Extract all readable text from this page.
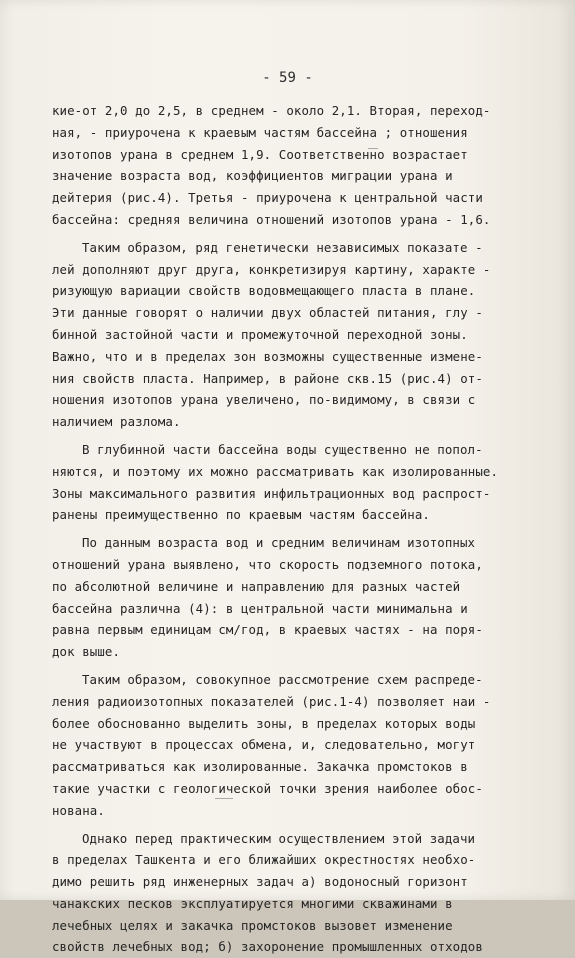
- 59 -
кие-от 2,0 до 2,5, в среднем - около 2,1. Вторая, переход-
ная, - приурочена к краевым частям бассейна ; отношения
изотопов урана в среднем 1,9. Соответственно возрастает
значение возраста вод, коэффициентов миграции урана и
дейтерия (рис.4). Третья - приурочена к центральной части
бассейна: средняя величина отношений изотопов урана - 1,6.
Таким образом, ряд генетически независимых показате -
лей дополняют друг друга, конкретизируя картину, характе -
ризующую вариации свойств водовмещающего пласта в плане.
Эти данные говорят о наличии двух областей питания, глу -
бинной застойной части и промежуточной переходной зоны.
Важно, что и в пределах зон возможны существенные измене-
ния свойств пласта. Например, в районе скв.15 (рис.4) от-
ношения изотопов урана увеличено, по-видимому, в связи с
наличием разлома.
В глубинной части бассейна воды существенно не попол-
няются, и поэтому их можно рассматривать как изолированные.
Зоны максимального развития инфильтрационных вод распрост-
ранены преимущественно по краевым частям бассейна.
По данным возраста вод и средним величинам изотопных
отношений урана выявлено, что скорость подземного потока,
по абсолютной величине и направлению для разных частей
бассейна различна (4): в центральной части минимальна и
равна первым единицам см/год, в краевых частях - на поря-
док выше.
Таким образом, совокупное рассмотрение схем распреде-
ления радиоизотопных показателей (рис.1-4) позволяет наи -
более обоснованно выделить зоны, в пределах которых воды
не участвуют в процессах обмена, и, следовательно, могут
рассматриваться как изолированные. Закачка промстоков в
такие участки с геологической точки зрения наиболее обос-
нована.
Однако перед практическим осуществлением этой задачи
в пределах Ташкента и его ближайших окрестностях необхо-
димо решить ряд инженерных задач а) водоносный горизонт
чанакских песков эксплуатируется многими скважинами в
лечебных целях и закачка промстоков вызовет изменение
свойств лечебных вод; б) захоронение промышленных отходов
